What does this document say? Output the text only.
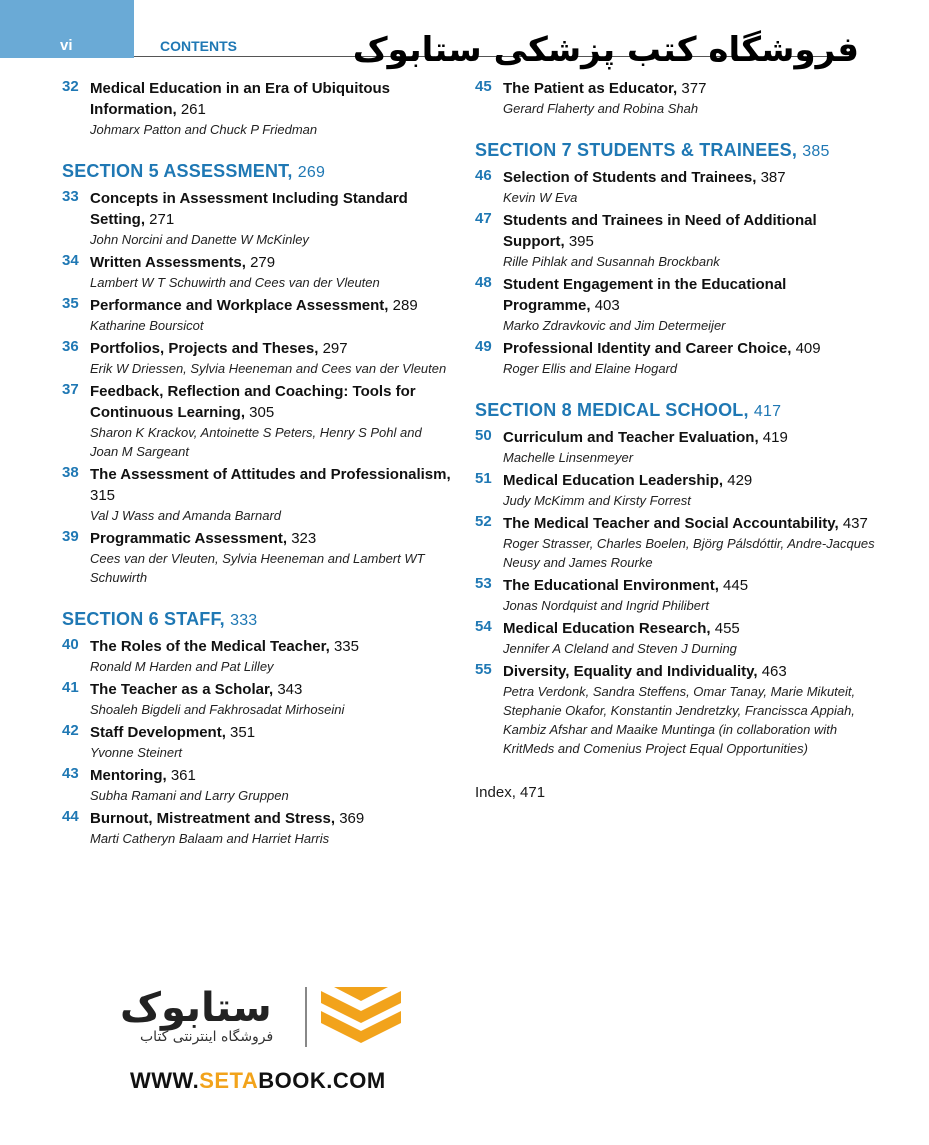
vi	CONTENTS	فروشگاه کتب پزشکی ستابوک
32 Medical Education in an Era of Ubiquitous Information, 261
Johmarx Patton and Chuck P Friedman
SECTION 5 ASSESSMENT, 269
33 Concepts in Assessment Including Standard Setting, 271
John Norcini and Danette W McKinley
34 Written Assessments, 279
Lambert W T Schuwirth and Cees van der Vleuten
35 Performance and Workplace Assessment, 289
Katharine Boursicot
36 Portfolios, Projects and Theses, 297
Erik W Driessen, Sylvia Heeneman and Cees van der Vleuten
37 Feedback, Reflection and Coaching: Tools for Continuous Learning, 305
Sharon K Krackov, Antoinette S Peters, Henry S Pohl and Joan M Sargeant
38 The Assessment of Attitudes and Professionalism, 315
Val J Wass and Amanda Barnard
39 Programmatic Assessment, 323
Cees van der Vleuten, Sylvia Heeneman and Lambert WT Schuwirth
SECTION 6 STAFF, 333
40 The Roles of the Medical Teacher, 335
Ronald M Harden and Pat Lilley
41 The Teacher as a Scholar, 343
Shoaleh Bigdeli and Fakhrosadat Mirhoseini
42 Staff Development, 351
Yvonne Steinert
43 Mentoring, 361
Subha Ramani and Larry Gruppen
44 Burnout, Mistreatment and Stress, 369
Marti Catheryn Balaam and Harriet Harris
45 The Patient as Educator, 377
Gerard Flaherty and Robina Shah
SECTION 7 STUDENTS & TRAINEES, 385
46 Selection of Students and Trainees, 387
Kevin W Eva
47 Students and Trainees in Need of Additional Support, 395
Rille Pihlak and Susannah Brockbank
48 Student Engagement in the Educational Programme, 403
Marko Zdravkovic and Jim Determeijer
49 Professional Identity and Career Choice, 409
Roger Ellis and Elaine Hogard
SECTION 8 MEDICAL SCHOOL, 417
50 Curriculum and Teacher Evaluation, 419
Machelle Linsenmeyer
51 Medical Education Leadership, 429
Judy McKimm and Kirsty Forrest
52 The Medical Teacher and Social Accountability, 437
Roger Strasser, Charles Boelen, Björg Pálsdóttir, Andre-Jacques Neusy and James Rourke
53 The Educational Environment, 445
Jonas Nordquist and Ingrid Philibert
54 Medical Education Research, 455
Jennifer A Cleland and Steven J Durning
55 Diversity, Equality and Individuality, 463
Petra Verdonk, Sandra Steffens, Omar Tanay, Marie Mikuteit, Stephanie Okafor, Konstantin Jendretzky, Francissca Appiah, Kambiz Afshar and Maaike Muntinga (in collaboration with KritMeds and Comenius Project Equal Opportunities)
Index, 471
ستابوک
فروشگاه اینترنتی کتاب
WWW.SETABOOK.COM
